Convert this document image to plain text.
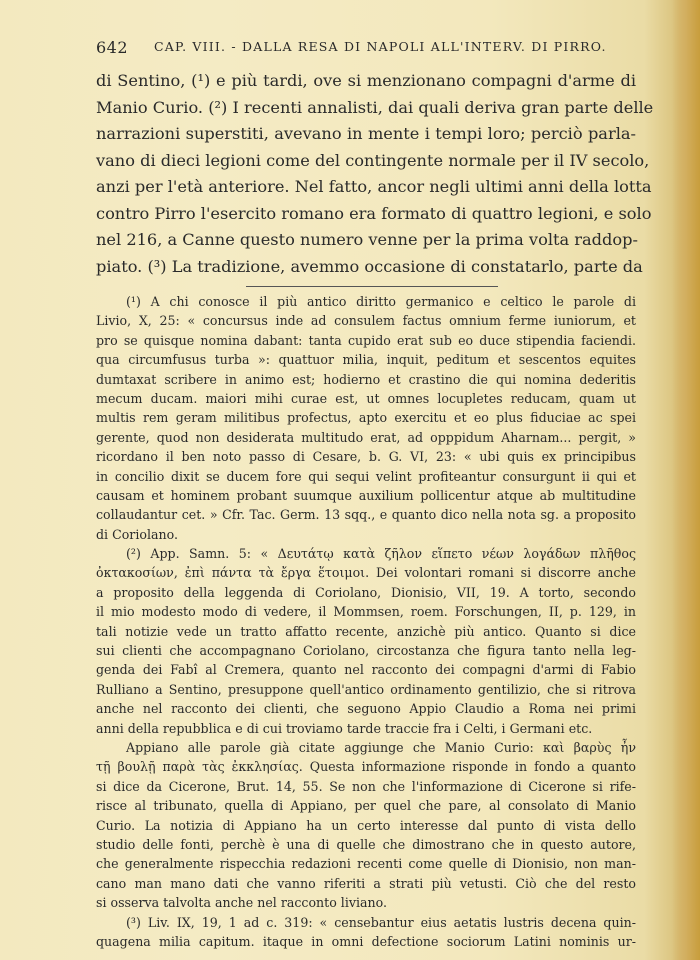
642 CAP. VIII. - DALLA RESA DI NAPOLI ALL'INTERV. DI PIRRO.
di Sentino, (¹) e più tardi, ove si menzionano compagni d'arme di
Manio Curio. (²) I recenti annalisti, dai quali deriva gran parte delle
narrazioni superstiti, avevano in mente i tempi loro; perciò parla-
vano di dieci legioni come del contingente normale per il IV secolo,
anzi per l'età anteriore. Nel fatto, ancor negli ultimi anni della lotta
contro Pirro l'esercito romano era formato di quattro legioni, e solo
nel 216, a Canne questo numero venne per la prima volta raddop-
piato. (³) La tradizione, avemmo occasione di constatarlo, parte da
(¹) A chi conosce il più antico diritto germanico e celtico le parole di
Livio, X, 25: « concursus inde ad consulem factus omnium ferme iuniorum, et
pro se quisque nomina dabant: tanta cupido erat sub eo duce stipendia faciendi.
qua circumfusus turba »: quattuor milia, inquit, peditum et sescentos equites
dumtaxat scribere in animo est; hodierno et crastino die qui nomina dederitis
mecum ducam. maiori mihi curae est, ut omnes locupletes reducam, quam ut
multis rem geram militibus profectus, apto exercitu et eo plus fiduciae ac spei
gerente, quod non desiderata multitudo erat, ad opppidum Aharnam... pergit, »
ricordano il ben noto passo di Cesare, b. G. VI, 23: « ubi quis ex principibus
in concilio dixit se ducem fore qui sequi velint profiteantur consurgunt ii qui et
causam et hominem probant suumque auxilium pollicentur atque ab multitudine
collaudantur cet. » Cfr. Tac. Germ. 13 sqq., e quanto dico nella nota sg. a proposito
di Coriolano.
(²) App. Samn. 5: « Δευτάτῳ κατὰ ζῆλον εἵπετο νέων λογάδων πλῆθος
ὀκτακοσίων, ἐπὶ πάντα τὰ ἔργα ἕτοιμοι. Dei volontari romani si discorre anche
a proposito della leggenda di Coriolano, Dionisio, VII, 19. A torto, secondo
il mio modesto modo di vedere, il Mommsen, roem. Forschungen, II, p. 129, in
tali notizie vede un tratto affatto recente, anzichè più antico. Quanto si dice
sui clienti che accompagnano Coriolano, circostanza che figura tanto nella leg-
genda dei Fabî al Cremera, quanto nel racconto dei compagni d'armi di Fabio
Rulliano a Sentino, presuppone quell'antico ordinamento gentilizio, che si ritrova
anche nel racconto dei clienti, che seguono Appio Claudio a Roma nei primi
anni della repubblica e di cui troviamo tarde traccie fra i Celti, i Germani etc.
Appiano alle parole già citate aggiunge che Manio Curio: καὶ βαρὺς ἦν
τῇ βουλῇ παρὰ τὰς ἐκκλησίας. Questa informazione risponde in fondo a quanto
si dice da Cicerone, Brut. 14, 55. Se non che l'informazione di Cicerone si rife-
risce al tribunato, quella di Appiano, per quel che pare, al consolato di Manio
Curio. La notizia di Appiano ha un certo interesse dal punto di vista dello
studio delle fonti, perchè è una di quelle che dimostrano che in questo autore,
che generalmente rispecchia redazioni recenti come quelle di Dionisio, non man-
cano man mano dati che vanno riferiti a strati più vetusti. Ciò che del resto
si osserva talvolta anche nel racconto liviano.
(³) Liv. IX, 19, 1 ad c. 319: « censebantur eius aetatis lustris decena quin-
quagena milia capitum. itaque in omni defectione sociorum Latini nominis ur-
